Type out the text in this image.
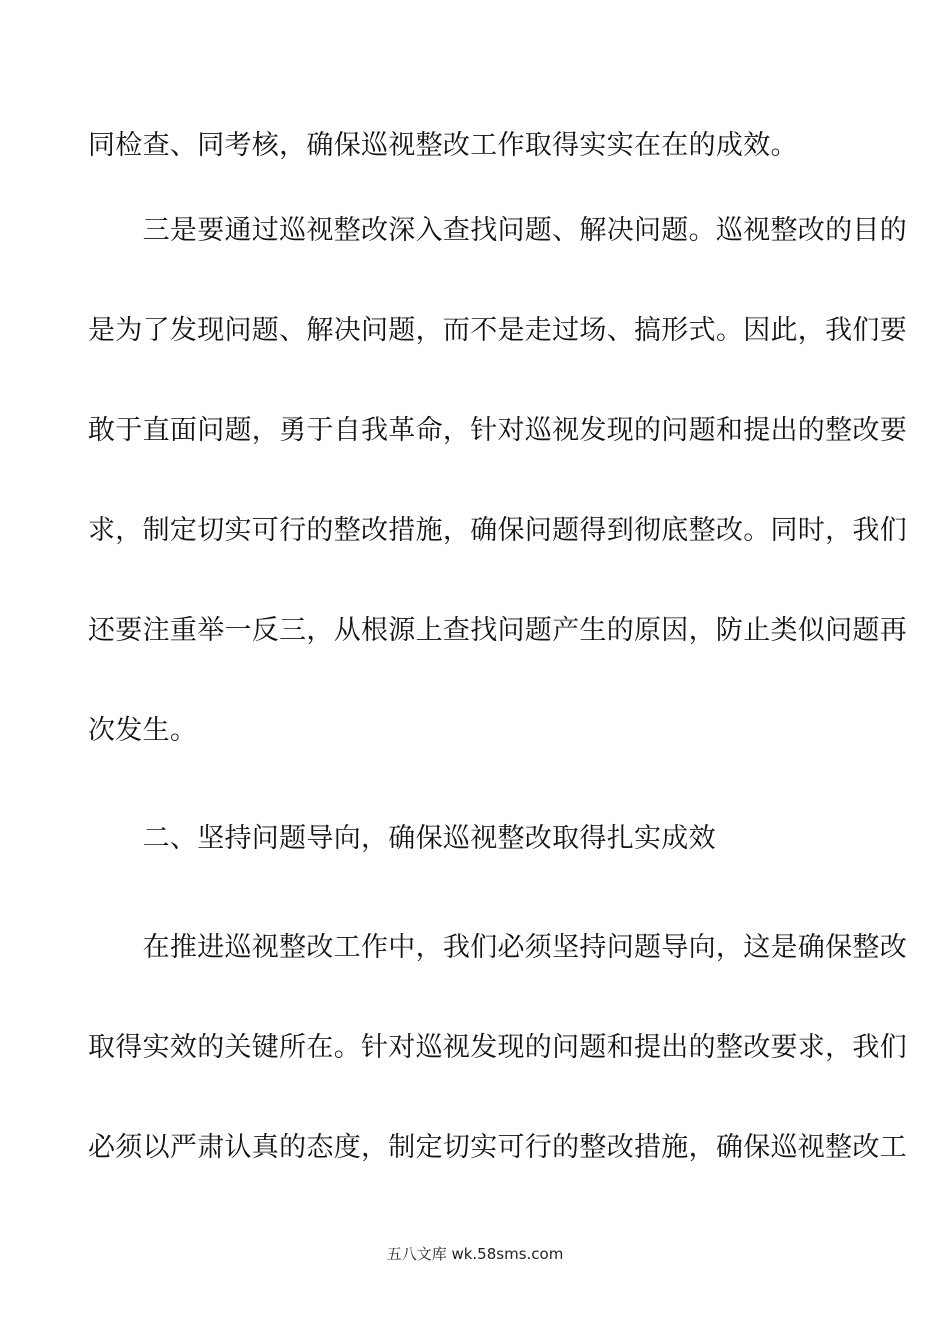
同检查、同考核，确保巡视整改工作取得实实在在的成效。
　　三是要通过巡视整改深入查找问题、解决问题。巡视整改的目的
是为了发现问题、解决问题，而不是走过场、搞形式。因此，我们要
敢于直面问题，勇于自我革命，针对巡视发现的问题和提出的整改要
求，制定切实可行的整改措施，确保问题得到彻底整改。同时，我们
还要注重举一反三，从根源上查找问题产生的原因，防止类似问题再
次发生。
　　二、坚持问题导向，确保巡视整改取得扎实成效
　　在推进巡视整改工作中，我们必须坚持问题导向，这是确保整改
取得实效的关键所在。针对巡视发现的问题和提出的整改要求，我们
必须以严肃认真的态度，制定切实可行的整改措施，确保巡视整改工
五八文库 wk.58sms.com
